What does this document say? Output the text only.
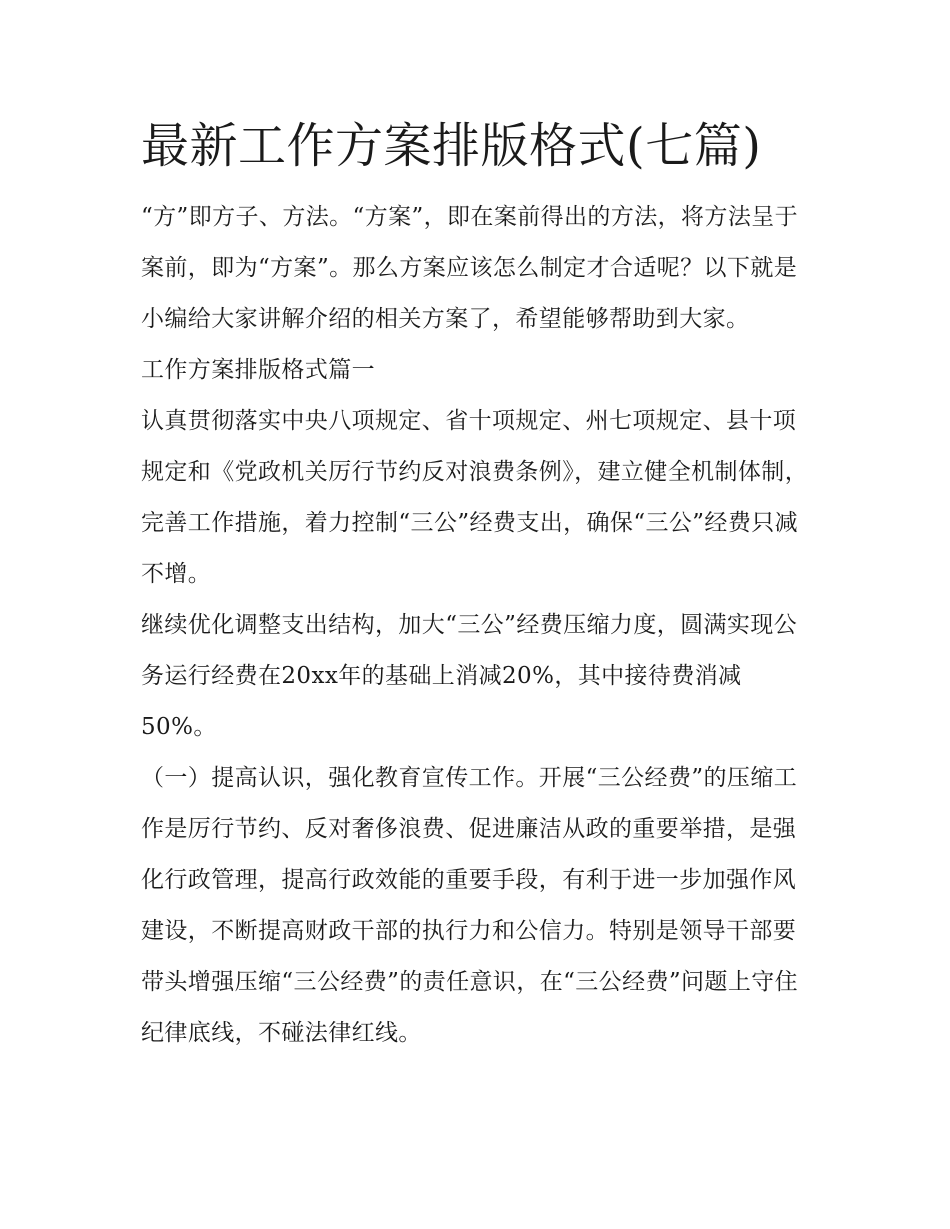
最新工作方案排版格式(七篇)

“方”即方子、方法。“方案”，即在案前得出的方法，将方法呈于案前，即为“方案”。那么方案应该怎么制定才合适呢？以下就是小编给大家讲解介绍的相关方案了，希望能够帮助到大家。

工作方案排版格式篇一

认真贯彻落实中央八项规定、省十项规定、州七项规定、县十项规定和《党政机关厉行节约反对浪费条例》，建立健全机制体制，完善工作措施，着力控制“三公”经费支出，确保“三公”经费只减不增。

继续优化调整支出结构，加大“三公”经费压缩力度，圆满实现公务运行经费在20xx年的基础上消减20%，其中接待费消减50%。

（一）提高认识，强化教育宣传工作。开展“三公经费”的压缩工作是厉行节约、反对奢侈浪费、促进廉洁从政的重要举措，是强化行政管理，提高行政效能的重要手段，有利于进一步加强作风建设，不断提高财政干部的执行力和公信力。特别是领导干部要带头增强压缩“三公经费”的责任意识，在“三公经费”问题上守住纪律底线，不碰法律红线。
